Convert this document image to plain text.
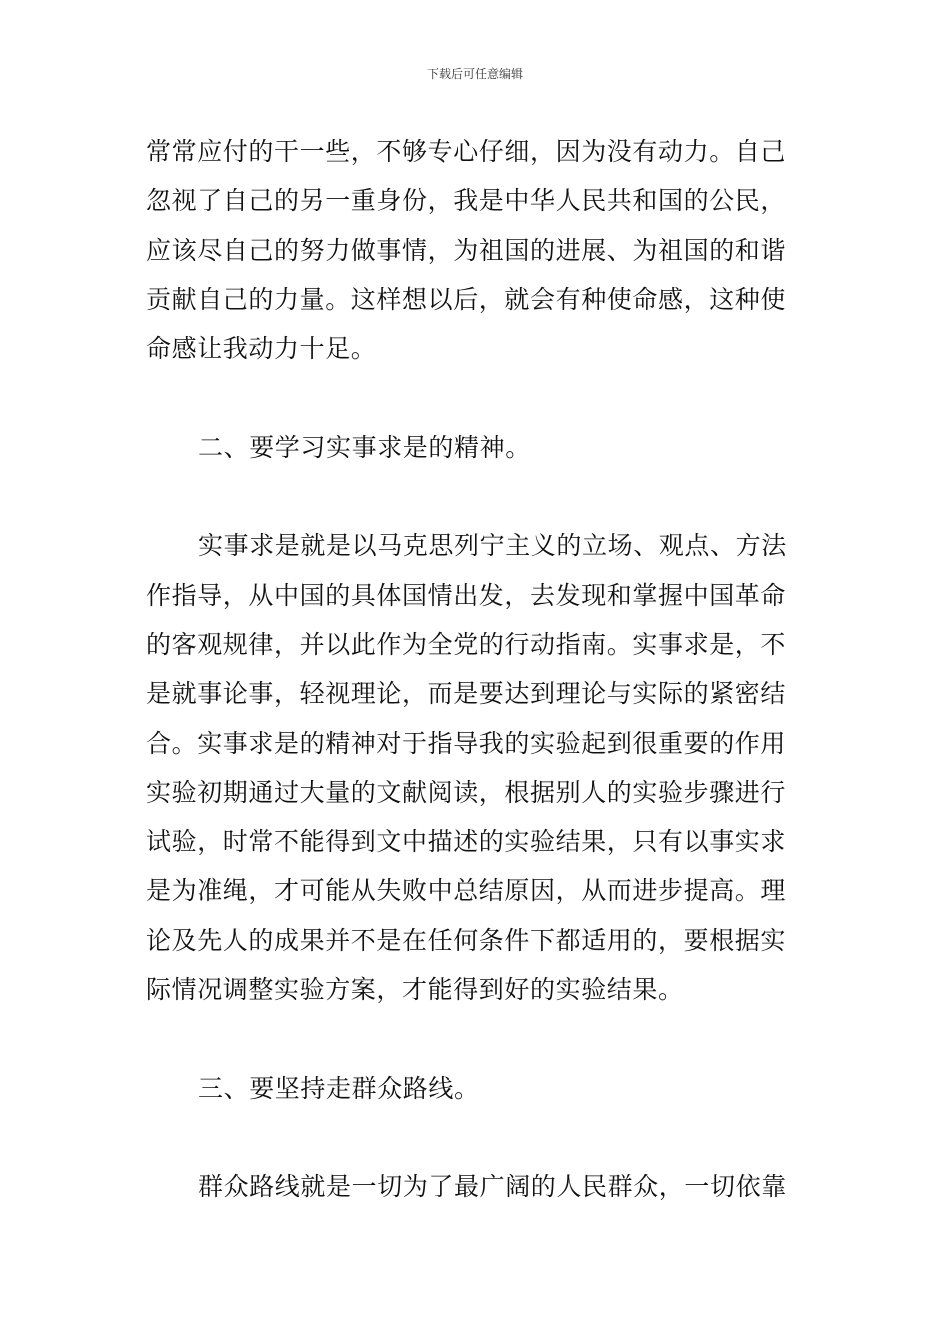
下载后可任意编辑

常常应付的干一些，不够专心仔细，因为没有动力。自己
忽视了自己的另一重身份，我是中华人民共和国的公民，
应该尽自己的努力做事情，为祖国的进展、为祖国的和谐
贡献自己的力量。这样想以后，就会有种使命感，这种使
命感让我动力十足。

二、要学习实事求是的精神。

实事求是就是以马克思列宁主义的立场、观点、方法
作指导，从中国的具体国情出发，去发现和掌握中国革命
的客观规律，并以此作为全党的行动指南。实事求是，不
是就事论事，轻视理论，而是要达到理论与实际的紧密结
合。实事求是的精神对于指导我的实验起到很重要的作用
实验初期通过大量的文献阅读，根据别人的实验步骤进行
试验，时常不能得到文中描述的实验结果，只有以事实求
是为准绳，才可能从失败中总结原因，从而进步提高。理
论及先人的成果并不是在任何条件下都适用的，要根据实
际情况调整实验方案，才能得到好的实验结果。

三、要坚持走群众路线。

群众路线就是一切为了最广阔的人民群众，一切依靠
